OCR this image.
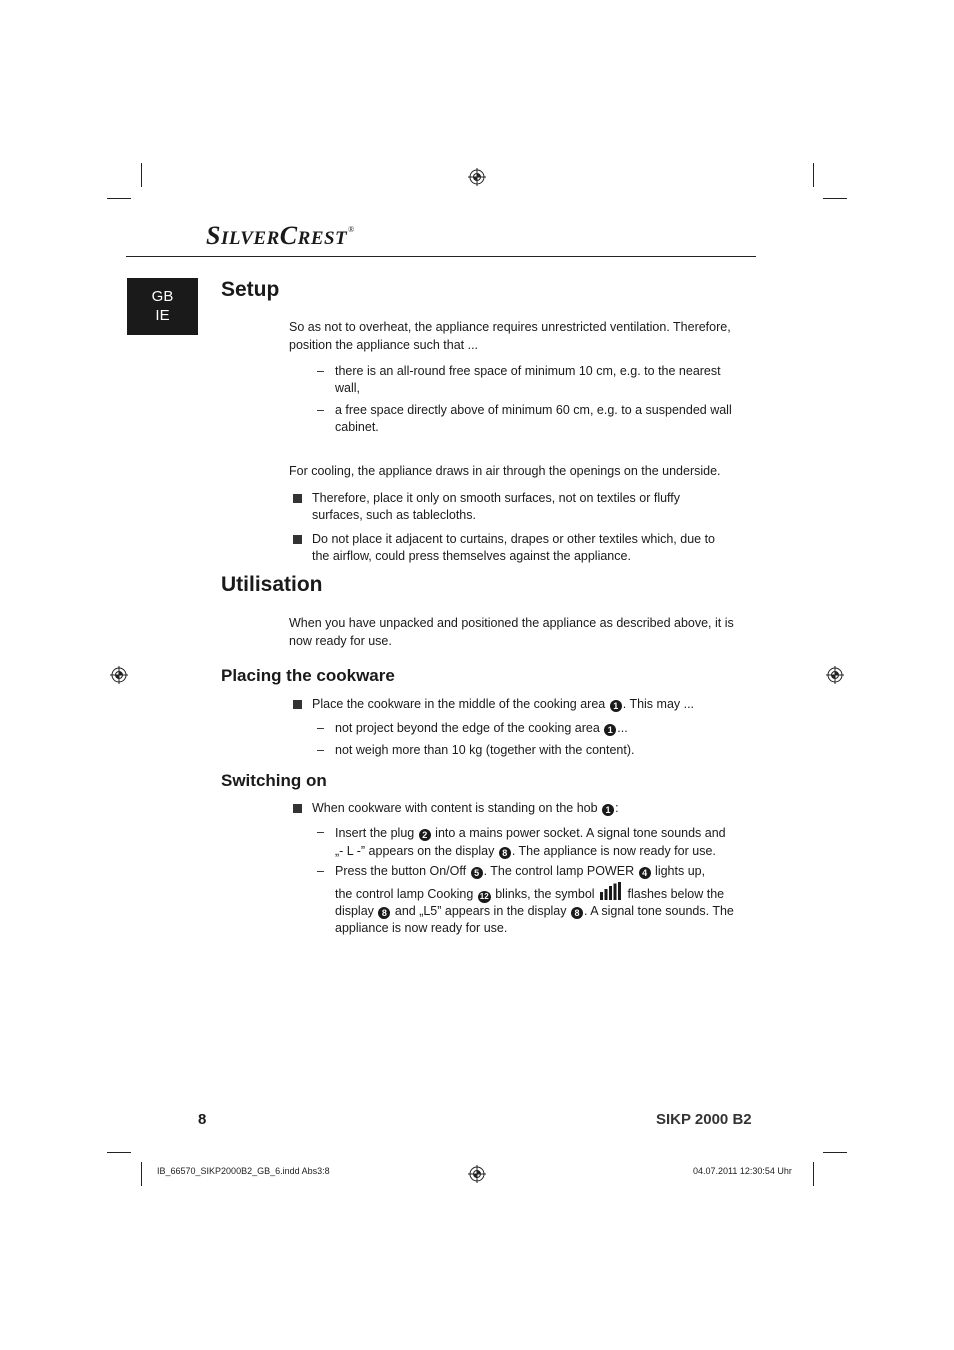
SILVERCREST®
GB
IE
Setup

So as not to overheat, the appliance requires unrestricted ventilation. Therefore, position the appliance such that ...

– there is an all-round free space of minimum 10 cm, e.g. to the nearest wall,
– a free space directly above of minimum 60 cm, e.g. to a suspended wall cabinet.

For cooling, the appliance draws in air through the openings on the underside.

Therefore, place it only on smooth surfaces, not on textiles or fluffy surfaces, such as tablecloths.
Do not place it adjacent to curtains, drapes or other textiles which, due to the airflow, could press themselves against the appliance.
Utilisation

When you have unpacked and positioned the appliance as described above, it is now ready for use.

Placing the cookware
Place the cookware in the middle of the cooking area 1 . This may ...
– not project beyond the edge of the cooking area 1 ...
– not weigh more than 10 kg (together with the content).
Switching on
When cookware with content is standing on the hob 1 :
– Insert the plug 2 into a mains power socket. A signal tone sounds and „- L -” appears on the display 8 . The appliance is now ready for use.
– Press the button On/Off 5 . The control lamp POWER 4 lights up,
the control lamp Cooking 12 blinks, the symbol  flashes below the display 8 and „L5” appears in the display 8 . A signal tone sounds. The appliance is now ready for use.
8	SIKP 2000 B2
IB_66570_SIKP2000B2_GB_6.indd Abs3:8	04.07.2011 12:30:54 Uhr
